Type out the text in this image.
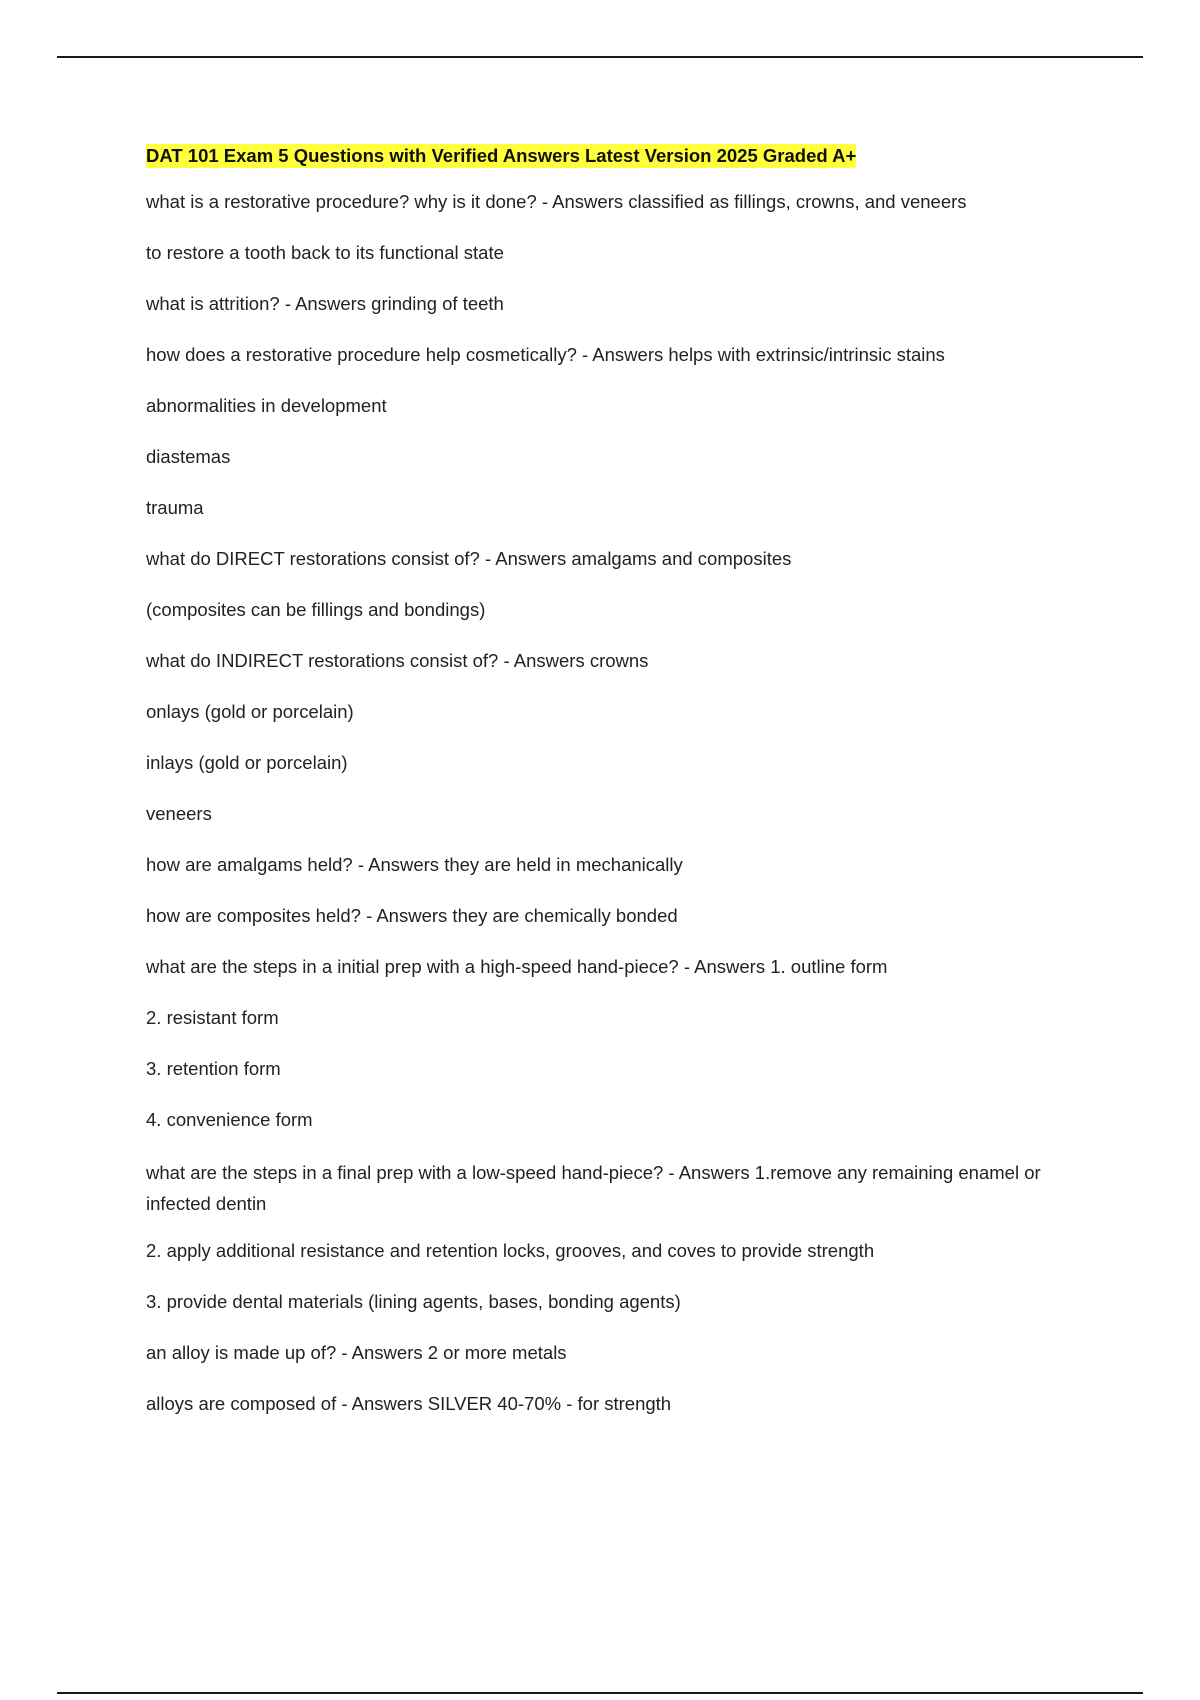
DAT 101 Exam 5 Questions with Verified Answers Latest Version 2025 Graded A+
what is a restorative procedure? why is it done? - Answers classified as fillings, crowns, and veneers
to restore a tooth back to its functional state
what is attrition? - Answers grinding of teeth
how does a restorative procedure help cosmetically? - Answers helps with extrinsic/intrinsic stains
abnormalities in development
diastemas
trauma
what do DIRECT restorations consist of? - Answers amalgams and composites
(composites can be fillings and bondings)
what do INDIRECT restorations consist of? - Answers crowns
onlays (gold or porcelain)
inlays (gold or porcelain)
veneers
how are amalgams held? - Answers they are held in mechanically
how are composites held? - Answers they are chemically bonded
what are the steps in a initial prep with a high-speed hand-piece? - Answers 1. outline form
2. resistant form
3. retention form
4. convenience form
what are the steps in a final prep with a low-speed hand-piece? - Answers 1.remove any remaining enamel or infected dentin
2. apply additional resistance and retention locks, grooves, and coves to provide strength
3. provide dental materials (lining agents, bases, bonding agents)
an alloy is made up of? - Answers 2 or more metals
alloys are composed of - Answers SILVER 40-70% - for strength
